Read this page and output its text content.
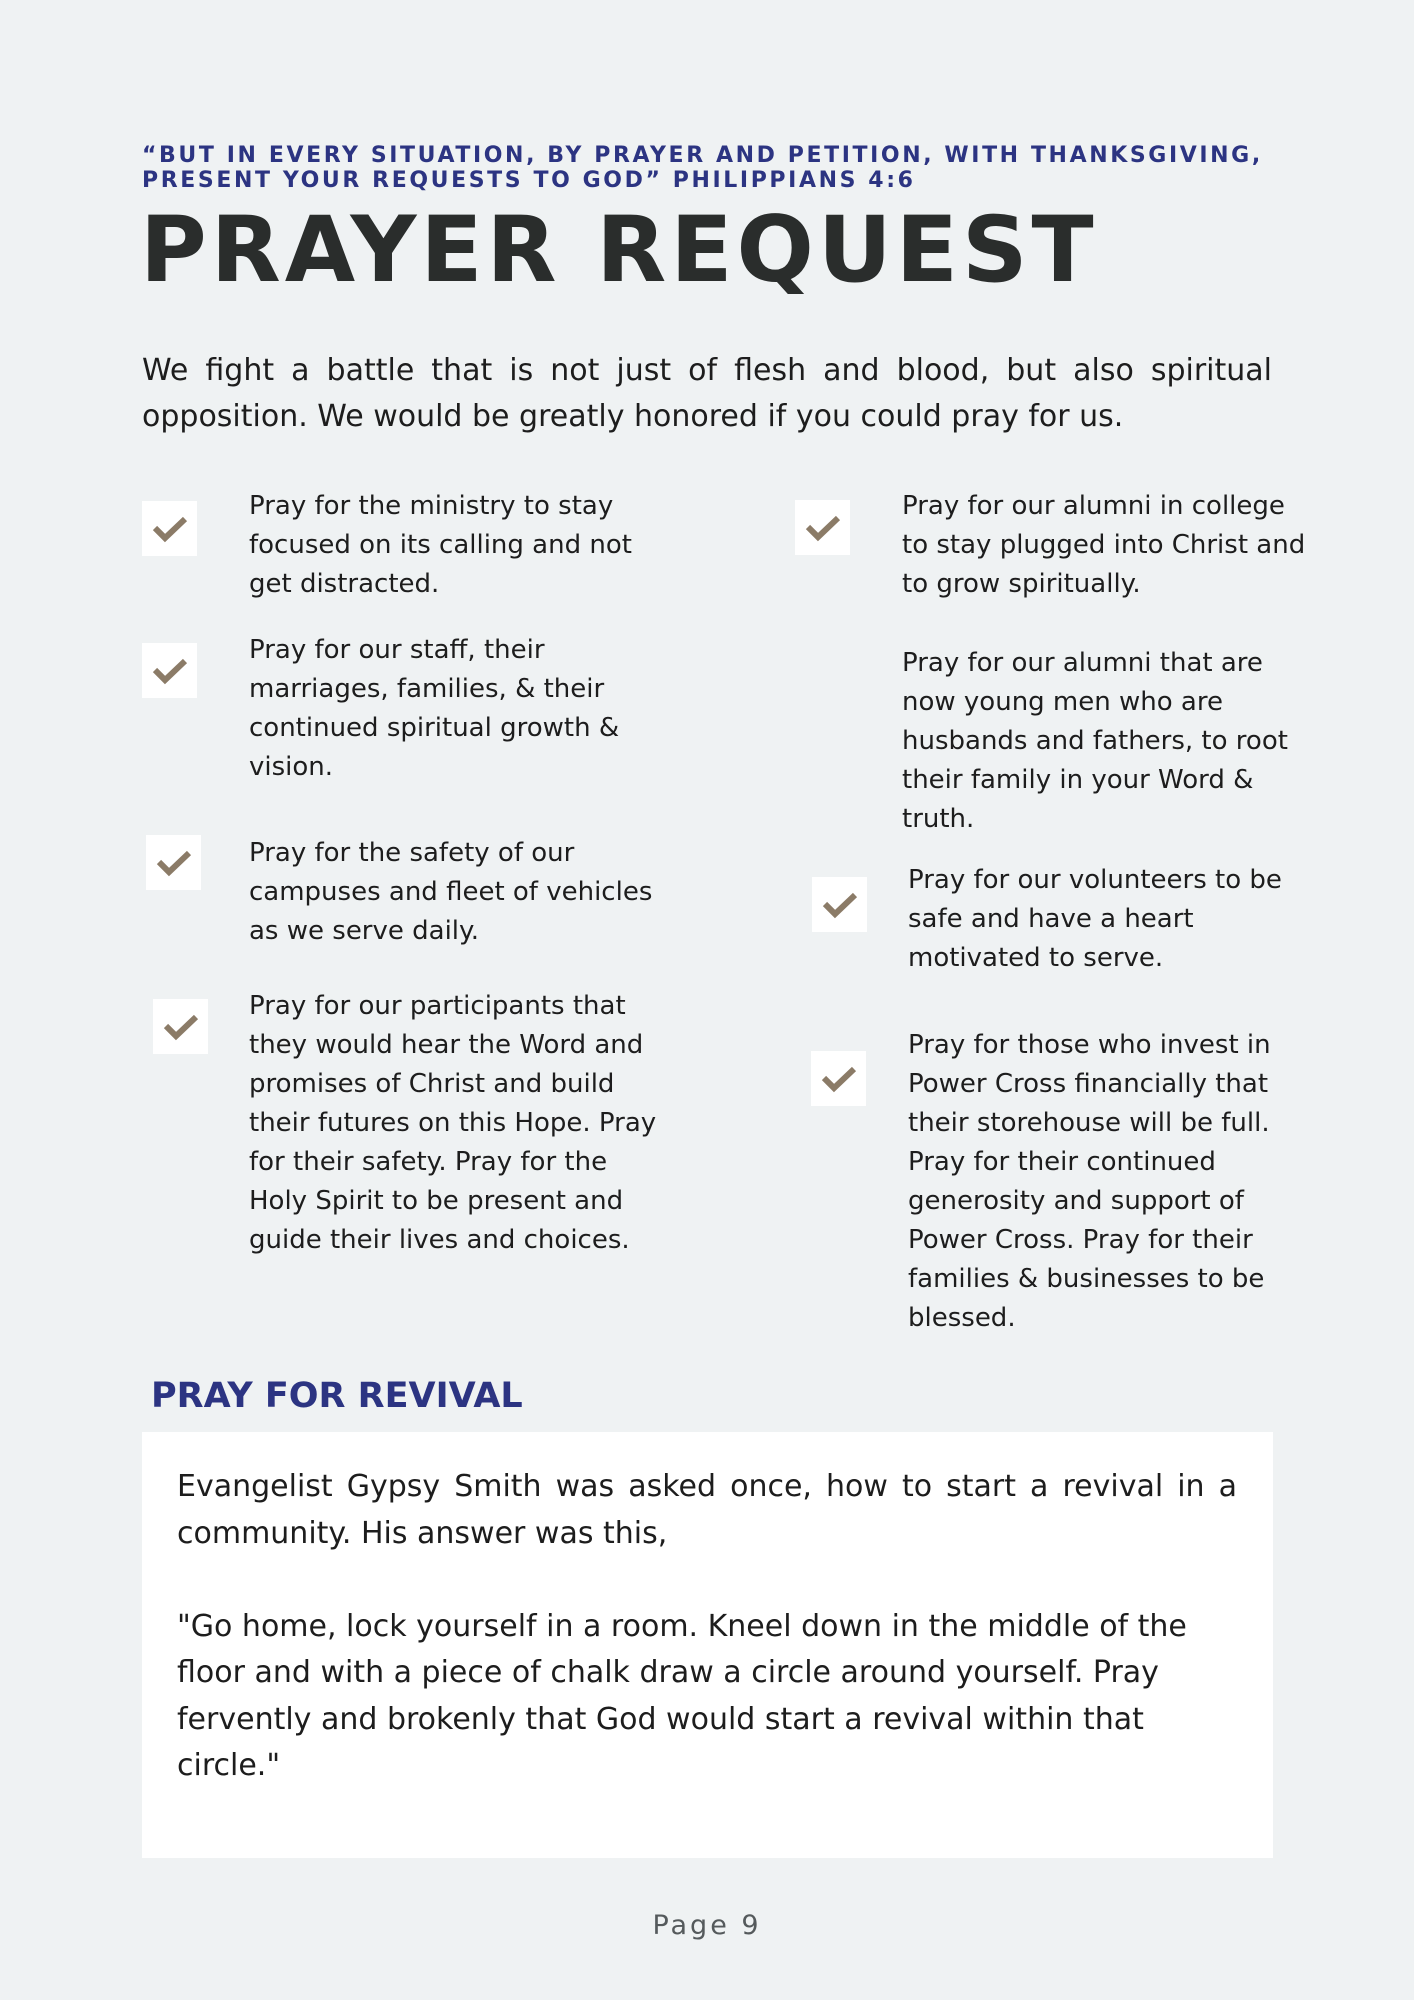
“BUT IN EVERY SITUATION, BY PRAYER AND PETITION, WITH THANKSGIVING, PRESENT YOUR REQUESTS TO GOD” PHILIPPIANS 4:6
PRAYER REQUEST
We fight a battle that is not just of flesh and blood, but also spiritual opposition. We would be greatly honored if you could pray for us.
Pray for the ministry to stay focused on its calling and not get distracted.
Pray for our staff, their marriages, families, & their continued spiritual growth & vision.
Pray for the safety of our campuses and fleet of vehicles as we serve daily.
Pray for our participants that they would hear the Word and promises of Christ and build their futures on this Hope. Pray for their safety. Pray for the Holy Spirit to be present and guide their lives and choices.
Pray for our alumni in college to stay plugged into Christ and to grow spiritually.
Pray for our alumni that are now young men who are husbands and fathers, to root their family in your Word & truth.
Pray for our volunteers to be safe and have a heart motivated to serve.
Pray for those who invest in Power Cross financially that their storehouse will be full. Pray for their continued generosity and support of Power Cross. Pray for their families & businesses to be blessed.
PRAY FOR REVIVAL

Evangelist Gypsy Smith was asked once, how to start a revival in a community. His answer was this,

"Go home, lock yourself in a room. Kneel down in the middle of the floor and with a piece of chalk draw a circle around yourself. Pray fervently and brokenly that God would start a revival within that circle."

Page 9
